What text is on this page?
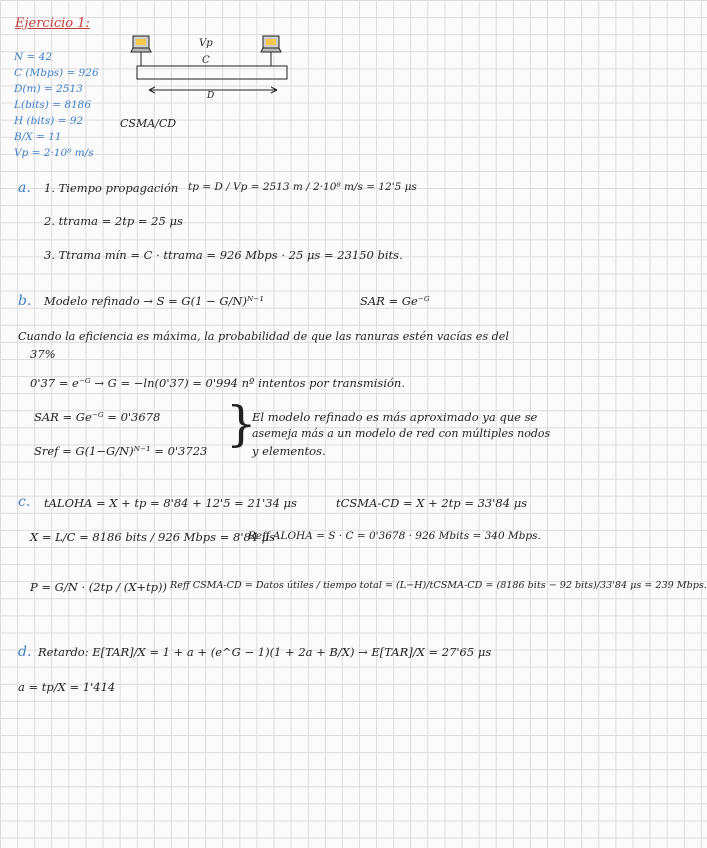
Ejercicio 1:
N = 42
C (Mbps) = 926
D(m) = 2513
L(bits) = 8186
H (bits) = 92
B/X = 11
Vp = 2·10⁸ m/s
Vp
C
D
CSMA/CD
a. 1. Tiempo propagación tp = D / Vp = 2513 m / 2·10⁸ m/s = 12'5 μs
2. ttrama = 2tp = 25 μs
3. Ttrama mín = C · ttrama = 926 Mbps · 25 μs = 23150 bits.
b. Modelo refinado → S = G(1 − G/N)ᴺ⁻¹	SAR = Ge⁻ᴳ
Cuando la eficiencia es máxima, la probabilidad de que las ranuras estén vacías es del
37%
0'37 = e⁻ᴳ → G = −ln(0'37) = 0'994 nº intentos por transmisión.
SAR = Ge⁻ᴳ = 0'3678
Sref = G(1−G/N)ᴺ⁻¹ = 0'3723 }
El modelo refinado es más aproximado ya que se
asemeja más a un modelo de red con múltiples nodos
y elementos.
c. tALOHA = X + tp = 8'84 + 12'5 = 21'34 μs	tCSMA-CD = X + 2tp = 33'84 μs
X = L/C = 8186 bits / 926 Mbps = 8'84 μs
Reff ALOHA = S · C = 0'3678 · 926 Mbits = 340 Mbps.
P = G/N · (2tp / (X+tp)) Reff CSMA-CD = Datos útiles / tiempo total = (L−H)/tCSMA-CD = (8186 bits − 92 bits)/33'84 μs = 239 Mbps.
d. Retardo: E[TAR]/X = 1 + a + (e^G − 1)(1 + 2a + B/X) → E[TAR]/X = 27'65 μs
a = tp/X = 1'414
